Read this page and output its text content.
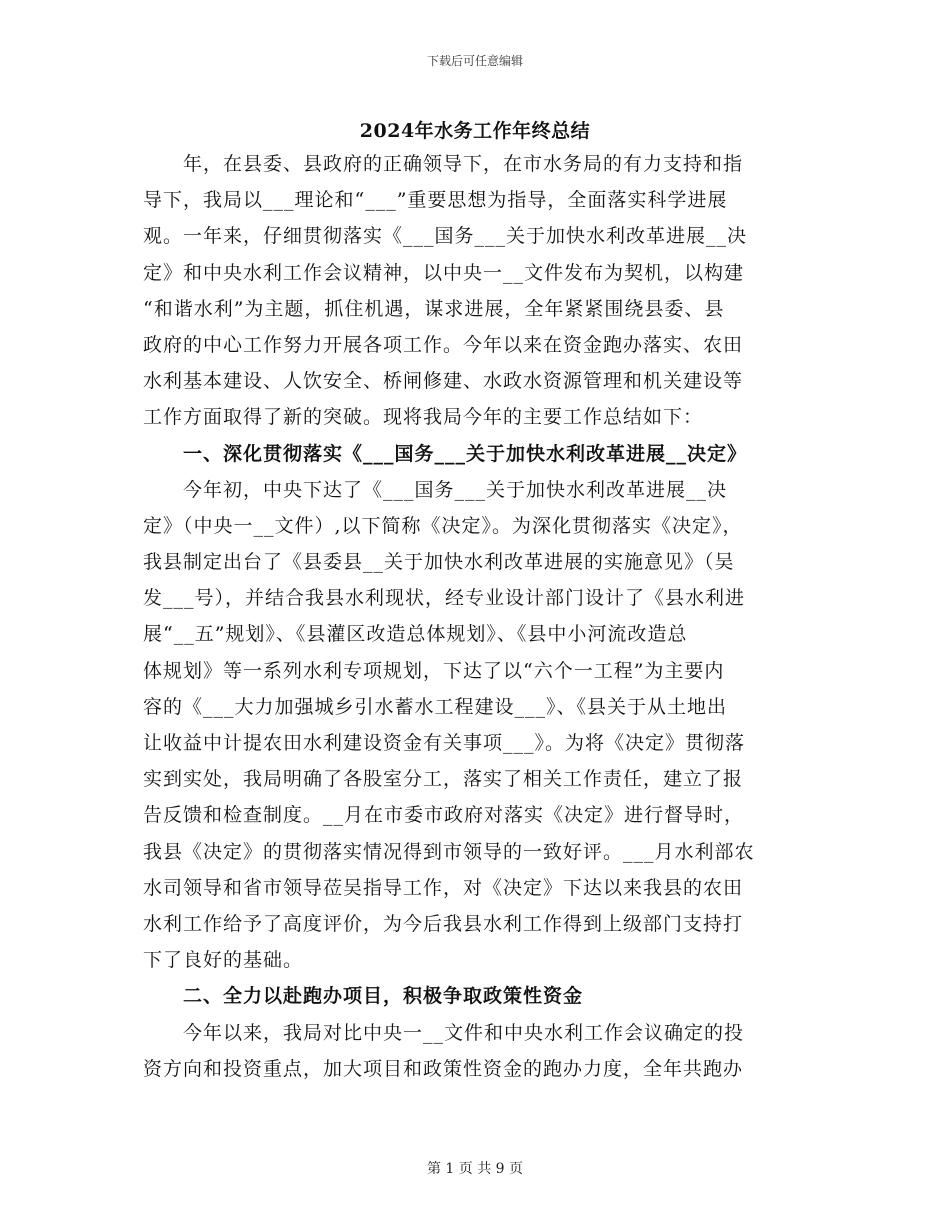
下载后可任意编辑
2024年水务工作年终总结
　　年，在县委、县政府的正确领导下，在市水务局的有力支持和指
导下，我局以___理论和“___”重要思想为指导，全面落实科学进展
观。一年来，仔细贯彻落实《___国务___关于加快水利改革进展__决
定》和中央水利工作会议精神，以中央一__文件发布为契机，以构建
“和谐水利”为主题，抓住机遇，谋求进展，全年紧紧围绕县委、县
政府的中心工作努力开展各项工作。今年以来在资金跑办落实、农田
水利基本建设、人饮安全、桥闸修建、水政水资源管理和机关建设等
工作方面取得了新的突破。现将我局今年的主要工作总结如下：
　　一、深化贯彻落实《___国务___关于加快水利改革进展__决定》
　　今年初，中央下达了《___国务___关于加快水利改革进展__决
定》（中央一__文件）,以下简称《决定》。为深化贯彻落实《决定》，
我县制定出台了《县委县__关于加快水利改革进展的实施意见》（吴
发___号），并结合我县水利现状，经专业设计部门设计了《县水利进
展“__五”规划》、《县灌区改造总体规划》、《县中小河流改造总
体规划》等一系列水利专项规划，下达了以“六个一工程”为主要内
容的《___大力加强城乡引水蓄水工程建设___》、《县关于从土地出
让收益中计提农田水利建设资金有关事项___》。为将《决定》贯彻落
实到实处，我局明确了各股室分工，落实了相关工作责任，建立了报
告反馈和检查制度。__月在市委市政府对落实《决定》进行督导时，
我县《决定》的贯彻落实情况得到市领导的一致好评。___月水利部农
水司领导和省市领导莅吴指导工作，对《决定》下达以来我县的农田
水利工作给予了高度评价，为今后我县水利工作得到上级部门支持打
下了良好的基础。
　　二、全力以赴跑办项目，积极争取政策性资金
　　今年以来，我局对比中央一__文件和中央水利工作会议确定的投
资方向和投资重点，加大项目和政策性资金的跑办力度，全年共跑办
第 1 页 共 9 页
